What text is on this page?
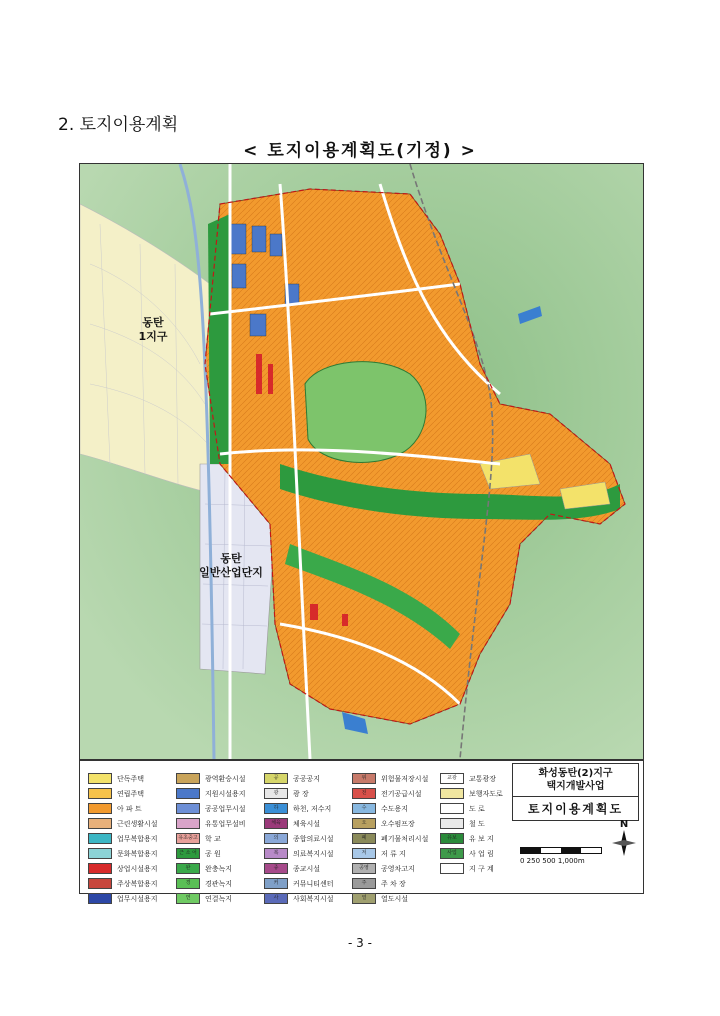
2. 토지이용계획
< 토지이용계획도(기정) >
동탄
1지구
동탄
일반산업단지
단독주택
연립주택
아 파 트
근린생활시설
업무복합용지
문화복합용지
상업시설용지
주상복합용지
업무시설용지
광역환승시설
지원시설용지
공공업무시설
유통업무설비
유초중고	학 교
근 소 어	공 원
완	완충녹지
경	경관녹지
연	연결녹지
공	공공공지
광	광 장
하	하천, 저수지
체육	체육시설
의	종합의료시설
복	의료복지시설
종	종교시설
커	커뮤니티센터
사	사회복지시설
위	위험물저장시설
전	전기공급시설
수	수도용지
오	오수펌프장
폐	폐기물처리시설
저	저 류 지
공영	공영차고지
주	주 차 장
열	열도시설
교광	교통광장
보행자도로
도 로
철 도
유보	유 보 지
사업	사 업 림
지 구 계
화성동탄(2)지구
택지개발사업
토지이용계획도
0 250 500 1,000m
N
- 3 -
